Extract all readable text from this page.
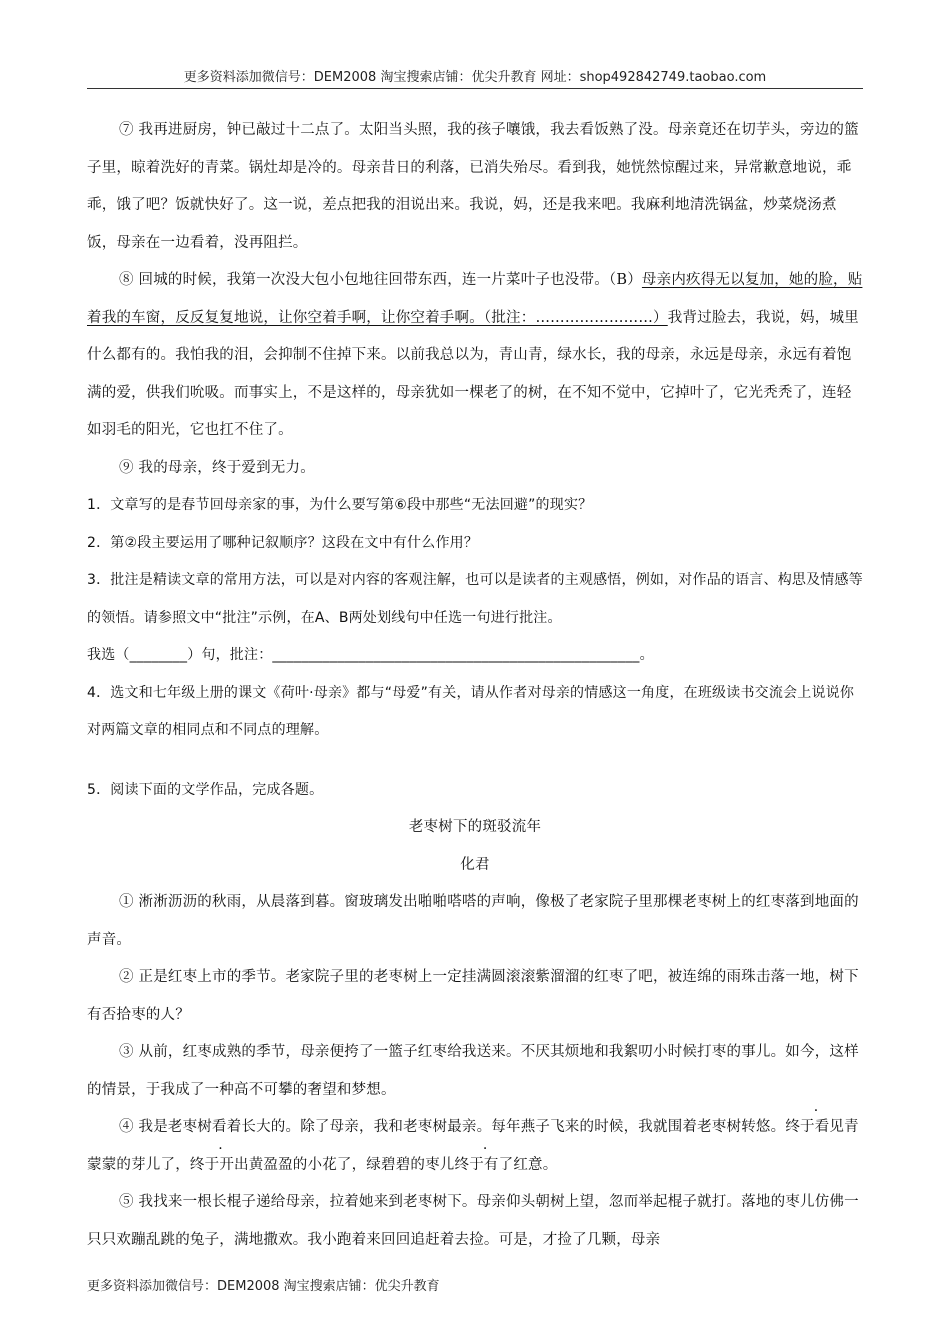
更多资料添加微信号：DEM2008 淘宝搜索店铺：优尖升教育 网址：shop492842749.taobao.com

⑦ 我再进厨房，钟已敲过十二点了。太阳当头照，我的孩子嚷饿，我去看饭熟了没。母亲竟还在切芋头，旁边的篮子里，晾着洗好的青菜。锅灶却是冷的。母亲昔日的利落，已消失殆尽。看到我，她恍然惊醒过来，异常歉意地说，乖乖，饿了吧？饭就快好了。这一说，差点把我的泪说出来。我说，妈，还是我来吧。我麻利地清洗锅盆，炒菜烧汤煮饭，母亲在一边看着，没再阻拦。

⑧ 回城的时候，我第一次没大包小包地往回带东西，连一片菜叶子也没带。（B）母亲内疚得无以复加，她的脸，贴着我的车窗，反反复复地说，让你空着手啊，让你空着手啊。（批注：……………………）我背过脸去，我说，妈，城里什么都有的。我怕我的泪，会抑制不住掉下来。以前我总以为，青山青，绿水长，我的母亲，永远是母亲，永远有着饱满的爱，供我们吮吸。而事实上，不是这样的，母亲犹如一棵老了的树，在不知不觉中，它掉叶了，它光秃秃了，连轻如羽毛的阳光，它也扛不住了。

⑨ 我的母亲，终于爱到无力。

1．文章写的是春节回母亲家的事，为什么要写第⑥段中那些“无法回避”的现实？

2．第②段主要运用了哪种记叙顺序？这段在文中有什么作用？

3．批注是精读文章的常用方法，可以是对内容的客观注解，也可以是读者的主观感悟，例如，对作品的语言、构思及情感等的领悟。请参照文中“批注”示例，在A、B两处划线句中任选一句进行批注。

我选（________）句，批注：___________________________________________________。

4．选文和七年级上册的课文《荷叶·母亲》都与“母爱”有关，请从作者对母亲的情感这一角度，在班级读书交流会上说说你对两篇文章的相同点和不同点的理解。

5．阅读下面的文学作品，完成各题。

老枣树下的斑驳流年

化君

① 淅淅沥沥的秋雨，从晨落到暮。窗玻璃发出啪啪嗒嗒的声响，像极了老家院子里那棵老枣树上的红枣落到地面的声音。

② 正是红枣上市的季节。老家院子里的老枣树上一定挂满圆滚滚紫溜溜的红枣了吧，被连绵的雨珠击落一地，树下有否拾枣的人？

③ 从前，红枣成熟的季节，母亲便挎了一篮子红枣给我送来。不厌其烦地和我絮叨小时候打枣的事儿。如今，这样的情景，于我成了一种高不可攀的奢望和梦想。

④ 我是老枣树看着长大的。除了母亲，我和老枣树最亲。每年燕子飞来的时候，我就围着老枣树转悠。终于看见青蒙蒙的芽儿了，终于开出黄盈盈的小花了，绿碧碧的枣儿终于有了红意。

⑤ 我找来一根长棍子递给母亲，拉着她来到老枣树下。母亲仰头朝树上望，忽而举起棍子就打。落地的枣儿仿佛一只只欢蹦乱跳的兔子，满地撒欢。我小跑着来回回追赶着去捡。可是，才捡了几颗，母亲

更多资料添加微信号：DEM2008 淘宝搜索店铺：优尖升教育
